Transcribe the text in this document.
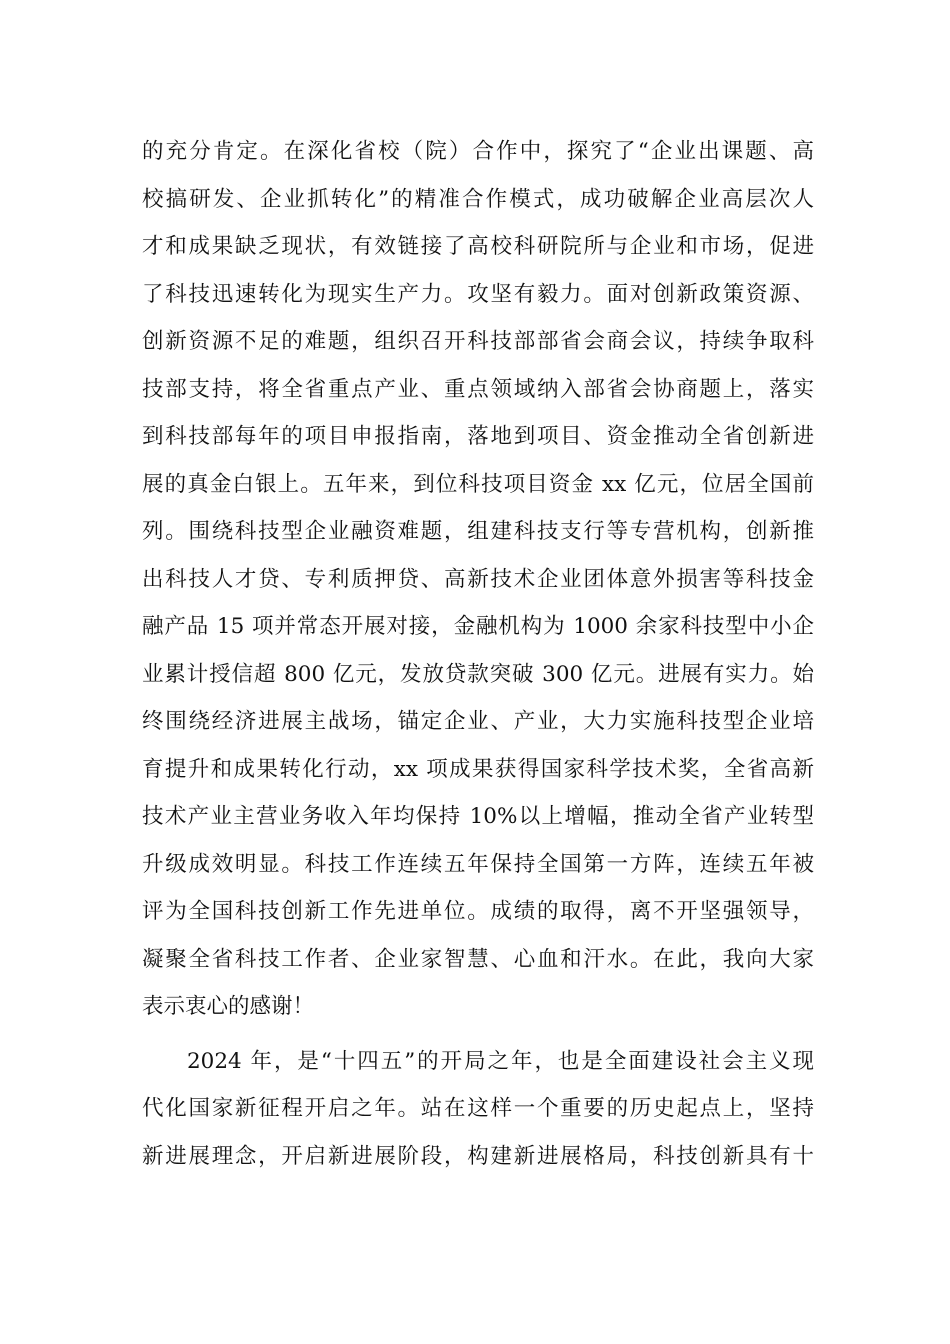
的充分肯定。在深化省校（院）合作中，探究了“企业出课题、高
校搞研发、企业抓转化”的精准合作模式，成功破解企业高层次人
才和成果缺乏现状，有效链接了高校科研院所与企业和市场，促进
了科技迅速转化为现实生产力。攻坚有毅力。面对创新政策资源、
创新资源不足的难题，组织召开科技部部省会商会议，持续争取科
技部支持，将全省重点产业、重点领域纳入部省会协商题上，落实
到科技部每年的项目申报指南，落地到项目、资金推动全省创新进
展的真金白银上。五年来，到位科技项目资金 xx 亿元，位居全国前
列。围绕科技型企业融资难题，组建科技支行等专营机构，创新推
出科技人才贷、专利质押贷、高新技术企业团体意外损害等科技金
融产品 15 项并常态开展对接，金融机构为 1000 余家科技型中小企
业累计授信超 800 亿元，发放贷款突破 300 亿元。进展有实力。始
终围绕经济进展主战场，锚定企业、产业，大力实施科技型企业培
育提升和成果转化行动，xx 项成果获得国家科学技术奖，全省高新
技术产业主营业务收入年均保持 10%以上增幅，推动全省产业转型
升级成效明显。科技工作连续五年保持全国第一方阵，连续五年被
评为全国科技创新工作先进单位。成绩的取得，离不开坚强领导，
凝聚全省科技工作者、企业家智慧、心血和汗水。在此，我向大家
表示衷心的感谢！
2024 年，是“十四五”的开局之年，也是全面建设社会主义现
代化国家新征程开启之年。站在这样一个重要的历史起点上，坚持
新进展理念，开启新进展阶段，构建新进展格局，科技创新具有十
